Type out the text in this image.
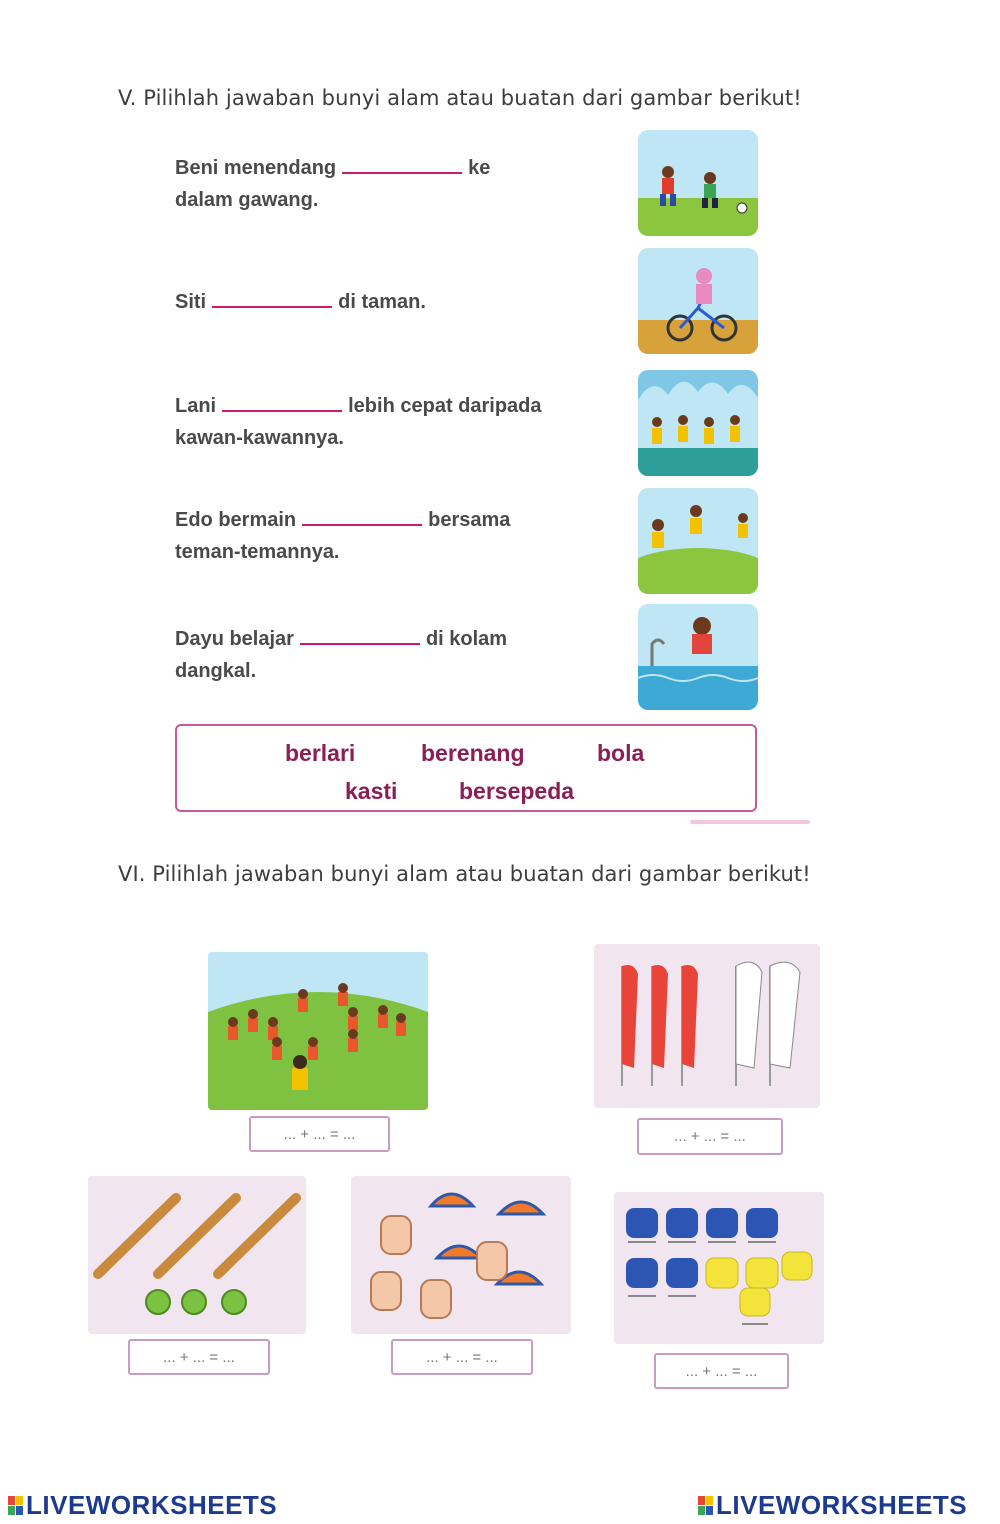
V. Pilihlah jawaban bunyi alam atau buatan dari gambar berikut!
Beni menendang	ke
dalam gawang.
Siti	di taman.
Lani	lebih cepat daripada
kawan-kawannya.
Edo bermain	bersama
teman-temannya.
Dayu belajar	di kolam
dangkal.
berlari	berenang	bola
kasti	bersepeda
VI. Pilihlah jawaban bunyi alam atau buatan dari gambar berikut!
... + ... = ...
... + ... = ...
... + ... = ...
... + ... = ...
... + ... = ...
LIVEWORKSHEETS	LIVEWORKSHEETS
